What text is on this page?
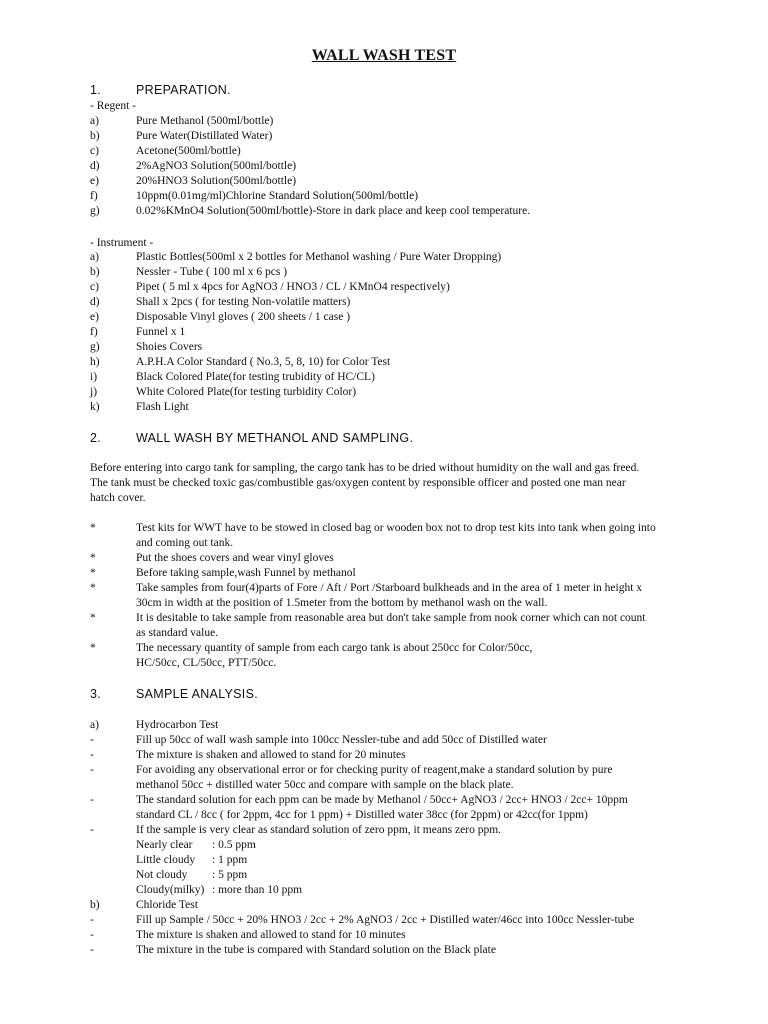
WALL WASH TEST
1.	PREPARATION.
- Regent -
a)	Pure Methanol (500ml/bottle)
b)	Pure Water(Distillated Water)
c)	Acetone(500ml/bottle)
d)	2%AgNO3 Solution(500ml/bottle)
e)	20%HNO3 Solution(500ml/bottle)
f)	10ppm(0.01mg/ml)Chlorine Standard Solution(500ml/bottle)
g)	0.02%KMnO4 Solution(500ml/bottle)-Store in dark place and keep cool temperature.
- Instrument -
a)	Plastic Bottles(500ml x 2 bottles for Methanol washing / Pure Water Dropping)
b)	Nessler - Tube ( 100 ml x 6 pcs )
c)	Pipet ( 5 ml x 4pcs for AgNO3 / HNO3 / CL / KMnO4 respectively)
d)	Shall x 2pcs ( for testing Non-volatile matters)
e)	Disposable Vinyl gloves ( 200 sheets / 1 case )
f)	Funnel x 1
g)	Shoies Covers
h)	A.P.H.A Color Standard ( No.3, 5, 8, 10) for Color Test
i)	Black Colored Plate(for testing trubidity of HC/CL)
j)	White Colored Plate(for testing turbidity Color)
k)	Flash Light
2.	WALL WASH BY METHANOL AND SAMPLING.
Before entering into cargo tank for sampling, the cargo tank has to be dried without humidity on the wall and gas freed.
The tank must be checked toxic gas/combustible gas/oxygen content by responsible officer and posted one man near
hatch cover.
*	Test kits for WWT have to be stowed in closed bag or wooden box not to drop test kits into tank when going into
and coming out tank.
*	Put the shoes covers and wear vinyl gloves
*	Before taking sample,wash Funnel by methanol
*	Take samples from four(4)parts of Fore / Aft / Port /Starboard bulkheads and in the area of 1 meter in height x
30cm in width at the position of 1.5meter from the bottom by methanol wash on the wall.
*	It is desitable to take sample from reasonable area but don't take sample from nook corner which can not count
as standard value.
*	The necessary quantity of sample from each cargo tank is about 250cc for Color/50cc,
HC/50cc, CL/50cc, PTT/50cc.
3.	SAMPLE ANALYSIS.
a)	Hydrocarbon Test
-	Fill up 50cc of wall wash sample into 100cc Nessler-tube and add 50cc of Distilled water
-	The mixture is shaken and allowed to stand for 20 minutes
-	For avoiding any observational error or for checking purity of reagent,make a standard solution by pure
methanol 50cc + distilled water 50cc and compare with sample on the black plate.
-	The standard solution for each ppm can be made by Methanol / 50cc+ AgNO3 / 2cc+ HNO3 / 2cc+ 10ppm
standard CL / 8cc ( for 2ppm, 4cc for 1 ppm) + Distilled water 38cc (for 2ppm) or 42cc(for 1ppm)
-	If the sample is very clear as standard solution of zero ppm, it means zero ppm.
Nearly clear : 0.5 ppm
Little cloudy : 1 ppm
Not cloudy : 5 ppm
Cloudy(milky) : more than 10 ppm
b)	Chloride Test
-	Fill up Sample / 50cc + 20% HNO3 / 2cc + 2% AgNO3 / 2cc + Distilled water/46cc into 100cc Nessler-tube
-	The mixture is shaken and allowed to stand for 10 minutes
-	The mixture in the tube is compared with Standard solution on the Black plate
